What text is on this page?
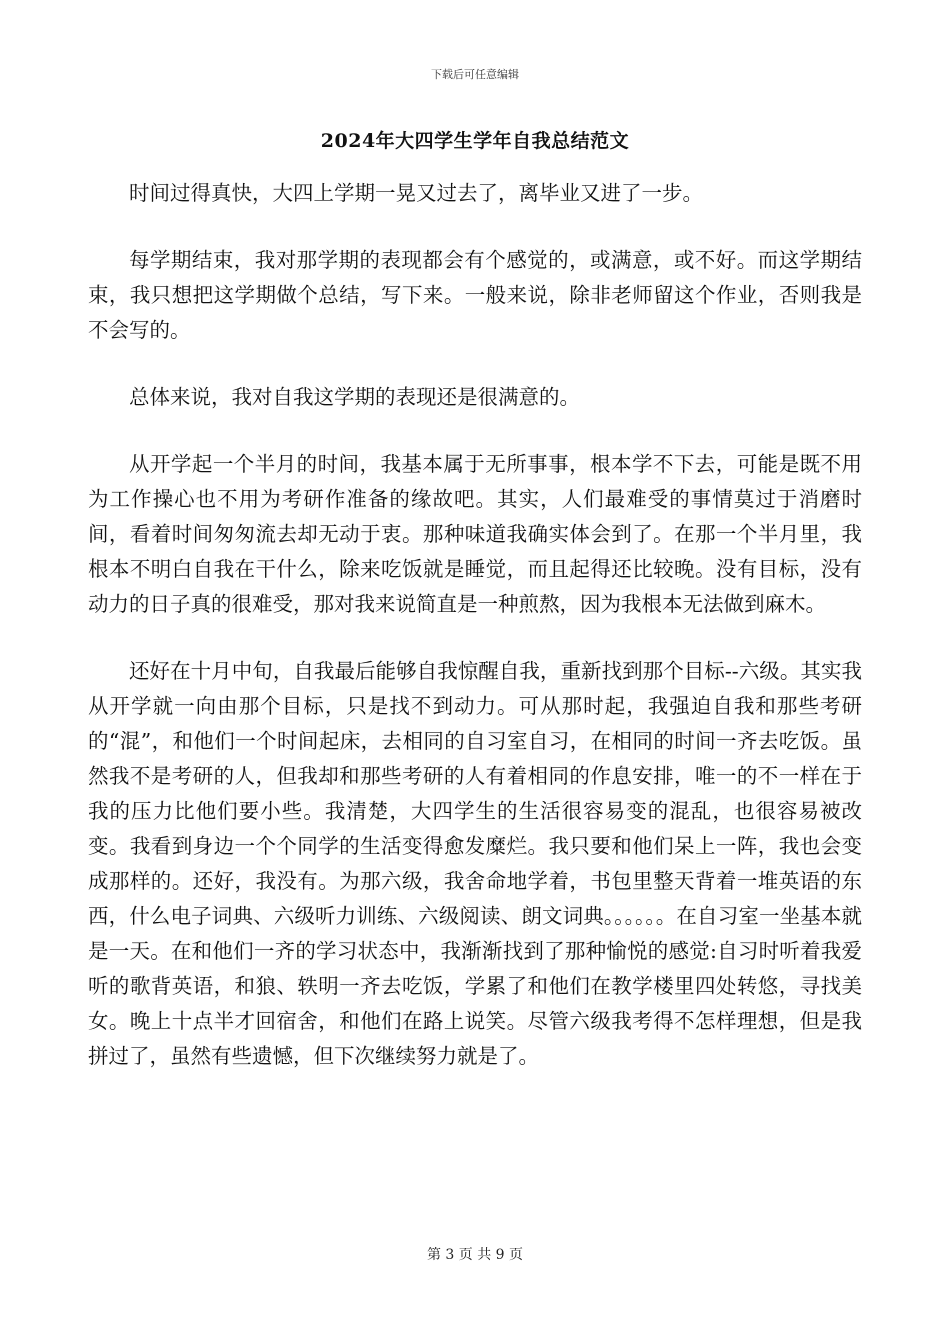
下载后可任意编辑
2024年大四学生学年自我总结范文

时间过得真快，大四上学期一晃又过去了，离毕业又进了一步。

每学期结束，我对那学期的表现都会有个感觉的，或满意，或不好。而这学期结束，我只想把这学期做个总结，写下来。一般来说，除非老师留这个作业，否则我是不会写的。

总体来说，我对自我这学期的表现还是很满意的。

从开学起一个半月的时间，我基本属于无所事事，根本学不下去，可能是既不用为工作操心也不用为考研作准备的缘故吧。其实，人们最难受的事情莫过于消磨时间，看着时间匆匆流去却无动于衷。那种味道我确实体会到了。在那一个半月里，我根本不明白自我在干什么，除来吃饭就是睡觉，而且起得还比较晚。没有目标，没有动力的日子真的很难受，那对我来说简直是一种煎熬，因为我根本无法做到麻木。

还好在十月中旬，自我最后能够自我惊醒自我，重新找到那个目标--六级。其实我从开学就一向由那个目标，只是找不到动力。可从那时起，我强迫自我和那些考研的“混”，和他们一个时间起床，去相同的自习室自习，在相同的时间一齐去吃饭。虽然我不是考研的人，但我却和那些考研的人有着相同的作息安排，唯一的不一样在于我的压力比他们要小些。我清楚，大四学生的生活很容易变的混乱，也很容易被改变。我看到身边一个个同学的生活变得愈发糜烂。我只要和他们呆上一阵，我也会变成那样的。还好，我没有。为那六级，我舍命地学着，书包里整天背着一堆英语的东西，什么电子词典、六级听力训练、六级阅读、朗文词典。。。。。。在自习室一坐基本就是一天。在和他们一齐的学习状态中，我渐渐找到了那种愉悦的感觉:自习时听着我爱听的歌背英语，和狼、轶明一齐去吃饭，学累了和他们在教学楼里四处转悠，寻找美女。晚上十点半才回宿舍，和他们在路上说笑。尽管六级我考得不怎样理想，但是我拼过了，虽然有些遗憾，但下次继续努力就是了。

第 3 页 共 9 页
